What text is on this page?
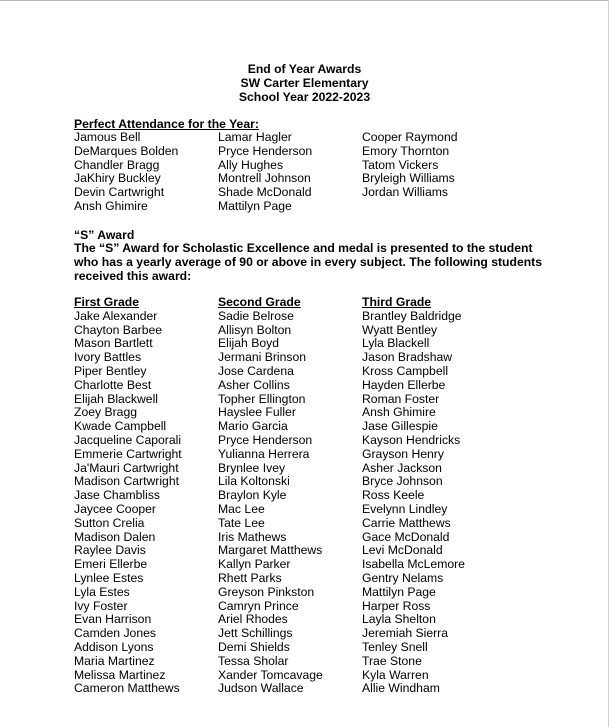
End of Year Awards
SW Carter Elementary
School Year 2022-2023
Perfect Attendance for the Year:
Jamous Bell
DeMarques Bolden
Chandler Bragg
JaKhiry Buckley
Devin Cartwright
Ansh Ghimire
Lamar Hagler
Pryce Henderson
Ally Hughes
Montrell Johnson
Shade McDonald
Mattilyn Page
Cooper Raymond
Emory Thornton
Tatom Vickers
Bryleigh Williams
Jordan Williams
“S” Award
The “S” Award for Scholastic Excellence and medal is presented to the student who has a yearly average of 90 or above in every subject. The following students received this award:
First Grade
Jake Alexander
Chayton Barbee
Mason Bartlett
Ivory Battles
Piper Bentley
Charlotte Best
Elijah Blackwell
Zoey Bragg
Kwade Campbell
Jacqueline Caporali
Emmerie Cartwright
Ja'Mauri Cartwright
Madison Cartwright
Jase Chambliss
Jaycee Cooper
Sutton Crelia
Madison Dalen
Raylee Davis
Emeri Ellerbe
Lynlee Estes
Lyla Estes
Ivy Foster
Evan Harrison
Camden Jones
Addison Lyons
Maria Martinez
Melissa Martinez
Cameron Matthews
Second Grade
Sadie Belrose
Allisyn Bolton
Elijah Boyd
Jermani Brinson
Jose Cardena
Asher Collins
Topher Ellington
Hayslee Fuller
Mario Garcia
Pryce Henderson
Yulianna Herrera
Brynlee Ivey
Lila Koltonski
Braylon Kyle
Mac Lee
Tate Lee
Iris Mathews
Margaret Matthews
Kallyn Parker
Rhett Parks
Greyson Pinkston
Camryn Prince
Ariel Rhodes
Jett Schillings
Demi Shields
Tessa Sholar
Xander Tomcavage
Judson Wallace
Third Grade
Brantley Baldridge
Wyatt Bentley
Lyla Blackell
Jason Bradshaw
Kross Campbell
Hayden Ellerbe
Roman Foster
Ansh Ghimire
Jase Gillespie
Kayson Hendricks
Grayson Henry
Asher Jackson
Bryce Johnson
Ross Keele
Evelynn Lindley
Carrie Matthews
Gace McDonald
Levi McDonald
Isabella McLemore
Gentry Nelams
Mattilyn Page
Harper Ross
Layla Shelton
Jeremiah Sierra
Tenley Snell
Trae Stone
Kyla Warren
Allie Windham
